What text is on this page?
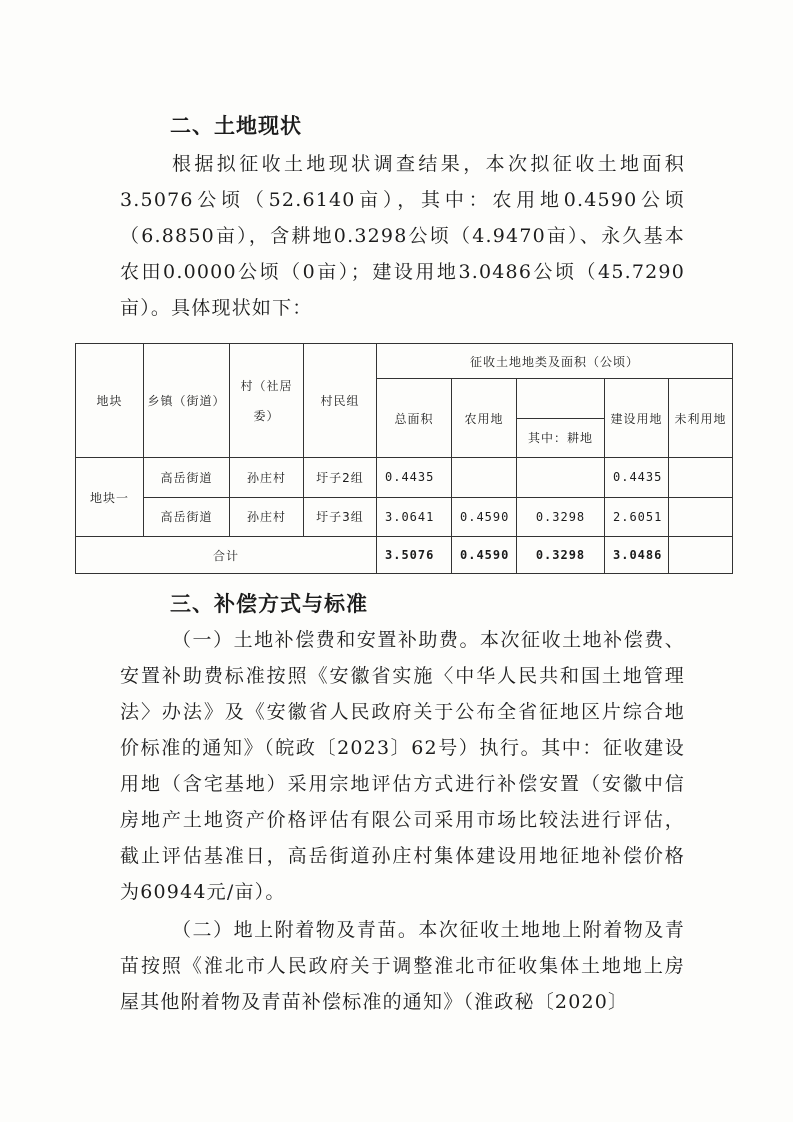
二、土地现状
根据拟征收土地现状调查结果，本次拟征收土地面积3.5076公顷（52.6140亩），其中：农用地0.4590公顷（6.8850亩），含耕地0.3298公顷（4.9470亩）、永久基本农田0.0000公顷（0亩）；建设用地3.0486公顷（45.7290亩）。具体现状如下：
地块	乡镇（街道）	村（社居委）	村民组	征收土地地类及面积（公顷）				
				总面积	农用地		建设用地	未利用地
						其中：耕地		
地块一	高岳街道	孙庄村	圩子2组	0.4435			0.4435	
	高岳街道	孙庄村	圩子3组	3.0641	0.4590	0.3298	2.6051	
合计				3.5076	0.4590	0.3298	3.0486	
三、补偿方式与标准
（一）土地补偿费和安置补助费。本次征收土地补偿费、安置补助费标准按照《安徽省实施〈中华人民共和国土地管理法〉办法》及《安徽省人民政府关于公布全省征地区片综合地价标准的通知》（皖政〔2023〕62号）执行。其中：征收建设用地（含宅基地）采用宗地评估方式进行补偿安置（安徽中信房地产土地资产价格评估有限公司采用市场比较法进行评估，截止评估基准日，高岳街道孙庄村集体建设用地征地补偿价格为60944元/亩）。
（二）地上附着物及青苗。本次征收土地地上附着物及青苗按照《淮北市人民政府关于调整淮北市征收集体土地地上房屋其他附着物及青苗补偿标准的通知》（淮政秘〔2020〕
